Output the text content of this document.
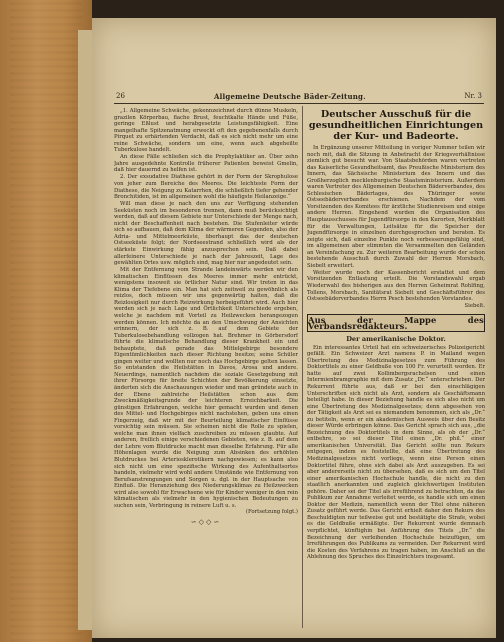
26	Allgemeine Deutsche Bäder-Zeitung.	Nr. 3

„1. Allgemeine Schwäche, gekennzeichnet durch dünne Muskeln, grazilen Körperbau, flache Brust, feuchtkalte Hände und Füße, geringe Eßlust und herabgesetzte Leistungsfähigkeit. Eine mangelhafte Spitzenatmung erweckt oft den gegebenenfalls durch Pirquet zu erhärtenden Verdacht, daß es sich nicht mehr um eine reine Schwäche, sondern um eine, wenn auch abgeheilte Tuberkulose handelt.

An diese Fälle schließen sich die Prophylaktiker an. Über zehn Jahre ausgedehnte Kontrolle früherer Patienten beweist Gmelin, daß hier dauernd zu helfen ist.

2. Der exsudative Diathese gehört in der Form der Skrophulose von jeher zum Bereiche des Meeres. Die leichteste Form der Diathese, die Neigung zu Katarrhen, die schließlich tiefer gehender Bronchitiden, ist im allgemeinen wohl die häufigste Heilanzeige.“

Will man diese je nach den uns zur Verfügung stehenden Seeküsten noch im besonderen trennen, dann muß berücksichtigt werden, daß auf diesem Gebiete nur Unterschiede der Menge nach, nicht der Beschaffenheit nach bestehen. Die Stufenleiter würde sich so aufbauen, daß dem Klima der wärmeren Gegenden, also der Adria- und Mittelmeerküste, überhaupt das der deutschen Ostseeküste folgt; der Nordseestrand schließlich wird als der stärkste Einwirkung fähig anzusprechen sein. Daß dabei allerfeinere Unterschiede je nach der Jahreszeit, Lage des gewählten Ortes usw. möglich sind, mag hier nur angedeutet sein.

Mit der Entfernung vom Strande landeinwärts werden wir den klimatischen Einflüssen des Meeres immer mehr entrückt, wenigstens insoweit sie örtlicher Natur sind. Wir treten in das Klima der Tiefebene ein. Man hat sich zeitweil zu gewöhnlich als reizlos, doch müssen wir uns gegenwärtig halten, daß die Reizlosigkeit nur durch Reizwirkung herbeigeführt wird. Auch hier werden sich je nach Lage und Örtlichkeit Unterschiede ergeben, welche je nachdem mit Vorteil zu Heilzwecken herangezogen werden können. Ich möchte da an den Umschwung der Ansichten erinnern, der sich z. B. auf dem Gebiete der Tuberkulosebehandlung vollzogen hat. Brehmer in Görbersdorf führte die klimatische Behandlung dieser Krankheit ein und behauptete, daß gerade das Mittelgebirge besondere Eigentümlichkeiten nach dieser Richtung besitze; seine Schüler gingen weiter und wollten nur noch das Hochgebirge gelten lassen. So entstanden die Heilstätten in Davos, Arosa und andere. Neuerdings, namentlich nachdem die soziale Gesetzgebung mit ihrer Fürsorge für breite Schichten der Bevölkerung einsetzte, änderten sich die Anschauungen wieder und man gründete auch in der Ebene zahlreiche Heilstätten schon aus dem Zweckmäßigkeitsgrunde der leichteren Erreichbarkeit. Die günstigen Erfahrungen, welche hier gemacht wurden und denen des Mittel- und Hochgebirges nicht nachstehen, geben uns einen Fingerzeig, daß wir mit der Beurteilung klimatischer Einflüsse vorsichtig sein müssen. Sie scheinen nicht die Rolle zu spielen, welche man ihnen vielfach zuschreiben zu müssen glaubte. Auf anderen, freilich einige verschiedenen Gebieten, wie z. B. auf dem der Lehre vom Blutdrucke macht man dieselbe Erfahrung. Für alle Höhenlagen wurde die Neigung zum Absinken des erhöhten Blutdruckes bei Arteriosklerotikern nachgewiesen; es kann also sich nicht um eine spezifische Wirkung des Aufenthaltsortes handeln, vielmehr wird wohl andere Umstände wie Entfernung von Berufsanstrengungen und Sorgen u. dgl. in der Hauptsache von Einfluß. Die Heranziehung des Niederungsklimas zu Heilzwecken wird also sowohl für Erwachsene wie für Kinder weniger in den rein klimatischen als vielmehr in den hygienischen Bedeutungen zu suchen sein, Verbringung in reinere Luft u. s.

(Fortsetzung folgt.)
∽◇◇∽
Deutscher Ausschuß für die gesundheitlichen Einrichtungen der Kur- und Badeorte.

In Ergänzung unserer Mitteilung in voriger Nummer teilen wir noch mit, daß die Sitzung in Anbetracht der Kriegsverhältnisse ziemlich gut besucht war. Von Staatsbehörden waren vertreten das Kaiserliche Gesundheitsamt, das Preußische Ministerium des Innern, das Sächsische Ministerium des Innern und das Großherzoglich mecklenburgische Staatsministerium. Außerdem waren Vertreter des Allgemeinen Deutschen Bäderverbandes, des Schlesischen Bädertages, des Thüringer sowie Ostseebäderverbandes erschienen. Nachdem der vom Vorsitzenden des Komitees für ärztliche Studienreisen und einige andere Herren. Eingehend wurden die Organisation des Hauptausschusses für Jugendfürsorge in den Kurorten, Merkblatt für die Verwaltungen, Leitsätze für die Speicher der Jugendfürsorge in einzelnen durchgesprochen und beraten. Es zeigte sich, daß einzelne Punkte noch verbesserungsfähig sind, im allgemeinen aber stimmten die Versammelten den Geländen an Vereinfachung zu. Zur weiteren Bearbeitung wurde der schon bestehende Ausschuß durch Zuwahl der Herren Morsbach, Siebelt erweitert.

Weiter wurde noch der Kassenbericht erstattet und dem Vorsitzenden Entlastung erteilt. Die Vorstandswahl ergab Wiederwahl des bisherigen aus den Herren Geheimrat Rohlfing, Tollens, Morsbach, Sanitätsrat Siebelt und Geschäftsführer des Ostseebäderverbandes Herrn Pesch bestehenden Vorstandes.

Siebelt.
Aus der Mappe des Verbandsredakteurs.
Der amerikanische Doktor.

Ein interessantes Urteil hat ein schweizerisches Polizeigericht gefällt. Ein Schweizer Arzt namens P. in Mailand wegen Übertretung des Medizinalgesetzes zum Führung des Doktortitels zu einer Geldbuße von 100 Fr. verurteilt worden. Er hatte auf zwei Kollimbergsrachelsen und einen Intermienbramgraphie mit dem Zusatz „Dr.“ unterschrieben. Der Rekurrent führte aus, daß er bei den einschlägigen Unterschriften sich nicht als Arzt, sondern als Geschäftsmann beteiligt habe. In dieser Beziehung handle es sich also nicht um eine Übertretung des Medizinalgesetzes; denn abgesehen von der Tätigkeit als Arzt sei es niemandem benommen, sich als „Dr.“ zu betiteln, wenn er ein akademischen Ausweis über den Besitz dieser Würde erbringen könne. Das Gericht sprach sich aus, „die Bezeichnung des Doktortitels in dem Sinne, als ob der „Dr.“ entbehre, so sei dieser Titel einen „Dr. phil.“ einer amerikanischen Universität. Das Gericht sollte nun Rekurs entgegen, indem es feststellte, daß eine Übertretung des Medizinalgesetzes nicht vorliege, wenn eine Person einen Doktortitel führe, ohne sich dabei als Arzt auszugeben. Es sei aber andererseits nicht zu übersehen, daß es sich um den Titel einer amerikanischen Hochschule handle, die nicht zu den staatlich anerkannten und zugleich gleichwertigen Instituten gehöre. Daher sei der Titel als irreführend zu betrachten, da das Publikum zur Annahme verleitet werde, es handle sich um einen Doktor der Medizin, namentlich wenn der Titel ohne näheren Zusatz geführt werde. Das Gericht erhielt daher den Rekurs des Beschuldigten nur teilweise gut und bestätigte die Strafe, wobei es die Geldbuße ermäßigte. Der Rekurrent wurde demnach verpflichtet, künftighin bei Anführung des Titels „Dr.“ die Bezeichnung der verleihenden Hochschule beizufügen, um Irreführungen des Publikums zu vermeiden. Der Rekurrent wird die Kosten des Verfahrens zu tragen haben, im Anschluß an die Ablehnung des Spruches des Einzelrichters insgesamt.
